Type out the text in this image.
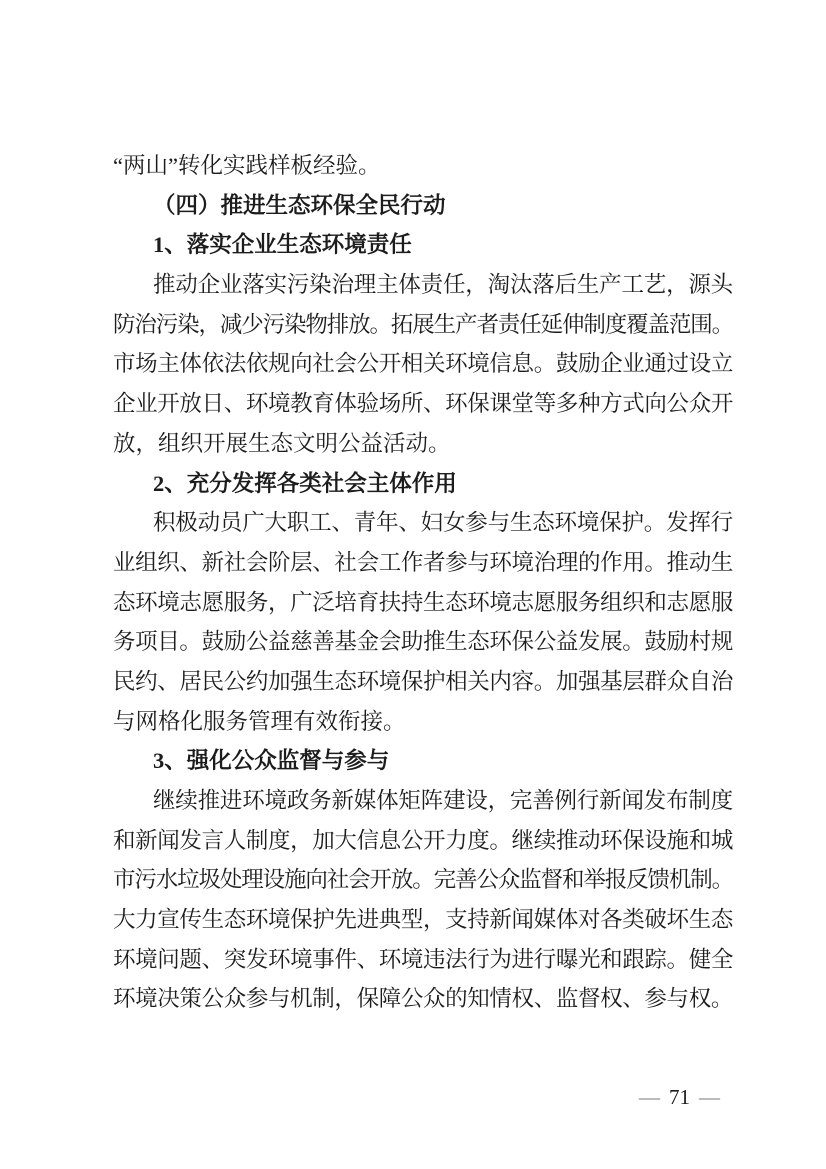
“两山”转化实践样板经验。
（四）推进生态环保全民行动
1、落实企业生态环境责任
推动企业落实污染治理主体责任，淘汰落后生产工艺，源头
防治污染，减少污染物排放。拓展生产者责任延伸制度覆盖范围。
市场主体依法依规向社会公开相关环境信息。鼓励企业通过设立
企业开放日、环境教育体验场所、环保课堂等多种方式向公众开
放，组织开展生态文明公益活动。
2、充分发挥各类社会主体作用
积极动员广大职工、青年、妇女参与生态环境保护。发挥行
业组织、新社会阶层、社会工作者参与环境治理的作用。推动生
态环境志愿服务，广泛培育扶持生态环境志愿服务组织和志愿服
务项目。鼓励公益慈善基金会助推生态环保公益发展。鼓励村规
民约、居民公约加强生态环境保护相关内容。加强基层群众自治
与网格化服务管理有效衔接。
3、强化公众监督与参与
继续推进环境政务新媒体矩阵建设，完善例行新闻发布制度
和新闻发言人制度，加大信息公开力度。继续推动环保设施和城
市污水垃圾处理设施向社会开放。完善公众监督和举报反馈机制。
大力宣传生态环境保护先进典型，支持新闻媒体对各类破坏生态
环境问题、突发环境事件、环境违法行为进行曝光和跟踪。健全
环境决策公众参与机制，保障公众的知情权、监督权、参与权。
— 71 —
